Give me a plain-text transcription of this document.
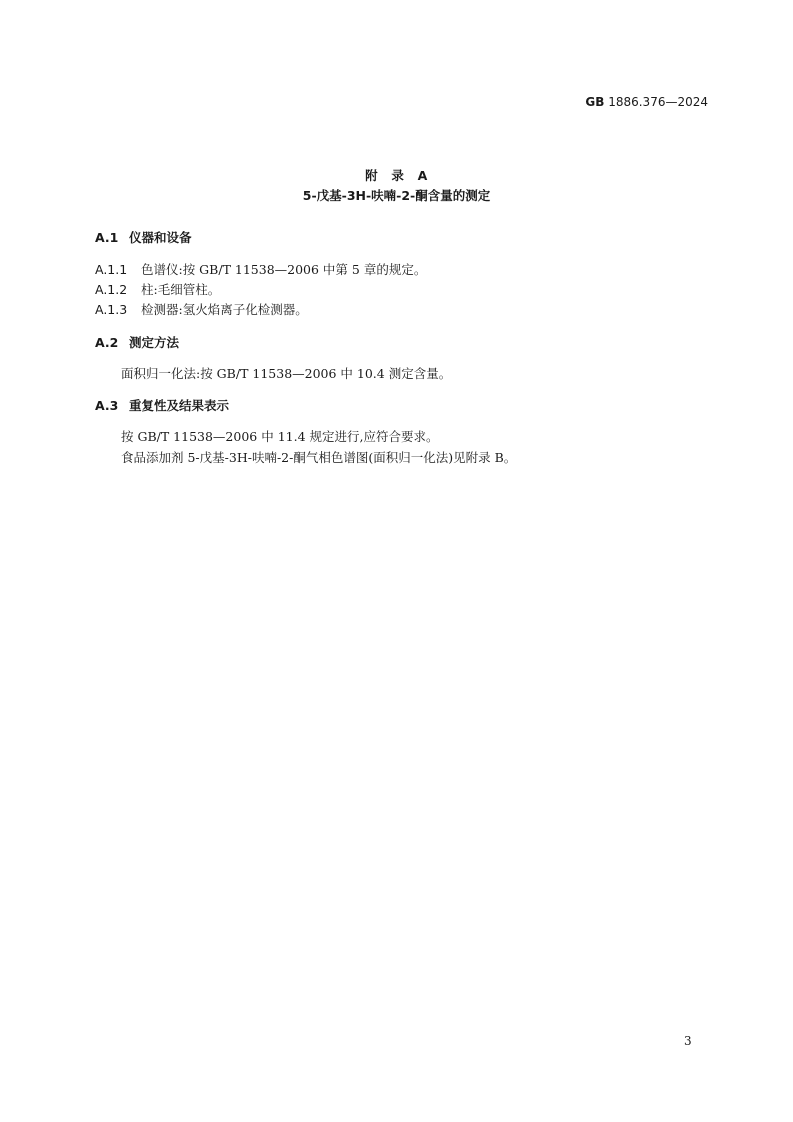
GB 1886.376—2024
附　录　A
5-戊基-3H-呋喃-2-酮含量的测定
A.1 仪器和设备
A.1.1 色谱仪:按 GB/T 11538—2006 中第 5 章的规定。
A.1.2 柱:毛细管柱。
A.1.3 检测器:氢火焰离子化检测器。
A.2 测定方法
面积归一化法:按 GB/T 11538—2006 中 10.4 测定含量。
A.3 重复性及结果表示
按 GB/T 11538—2006 中 11.4 规定进行,应符合要求。
食品添加剂 5-戊基-3H-呋喃-2-酮气相色谱图(面积归一化法)见附录 B。
3
